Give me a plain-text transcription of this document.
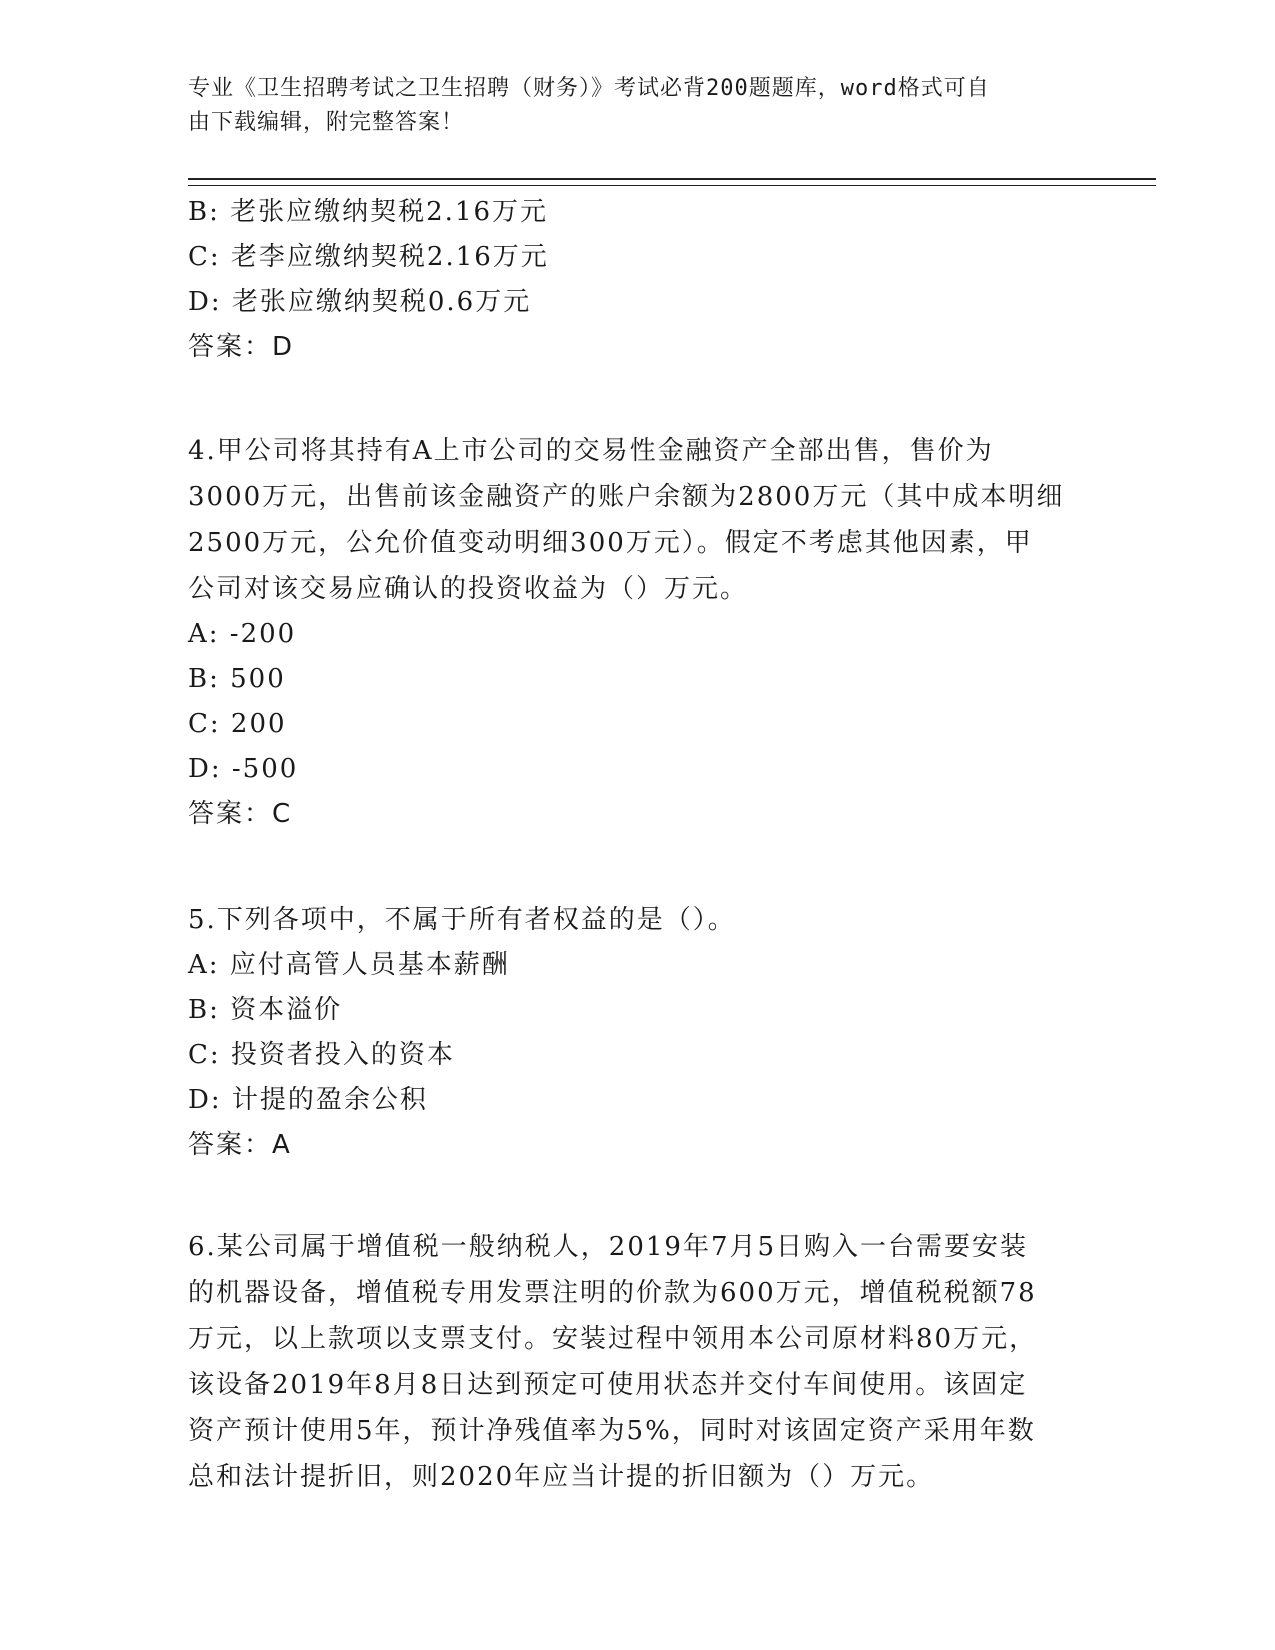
专业《卫生招聘考试之卫生招聘（财务）》考试必背200题题库，word格式可自
由下载编辑，附完整答案！
B: 老张应缴纳契税2.16万元
C: 老李应缴纳契税2.16万元
D: 老张应缴纳契税0.6万元
答案：D
4.甲公司将其持有A上市公司的交易性金融资产全部出售，售价为
3000万元，出售前该金融资产的账户余额为2800万元（其中成本明细
2500万元，公允价值变动明细300万元）。假定不考虑其他因素，甲
公司对该交易应确认的投资收益为（）万元。
A: -200
B: 500
C: 200
D: -500
答案：C
5.下列各项中，不属于所有者权益的是（）。
A: 应付高管人员基本薪酬
B: 资本溢价
C: 投资者投入的资本
D: 计提的盈余公积
答案：A
6.某公司属于增值税一般纳税人，2019年7月5日购入一台需要安装
的机器设备，增值税专用发票注明的价款为600万元，增值税税额78
万元，以上款项以支票支付。安装过程中领用本公司原材料80万元，
该设备2019年8月8日达到预定可使用状态并交付车间使用。该固定
资产预计使用5年，预计净残值率为5%，同时对该固定资产采用年数
总和法计提折旧，则2020年应当计提的折旧额为（）万元。
